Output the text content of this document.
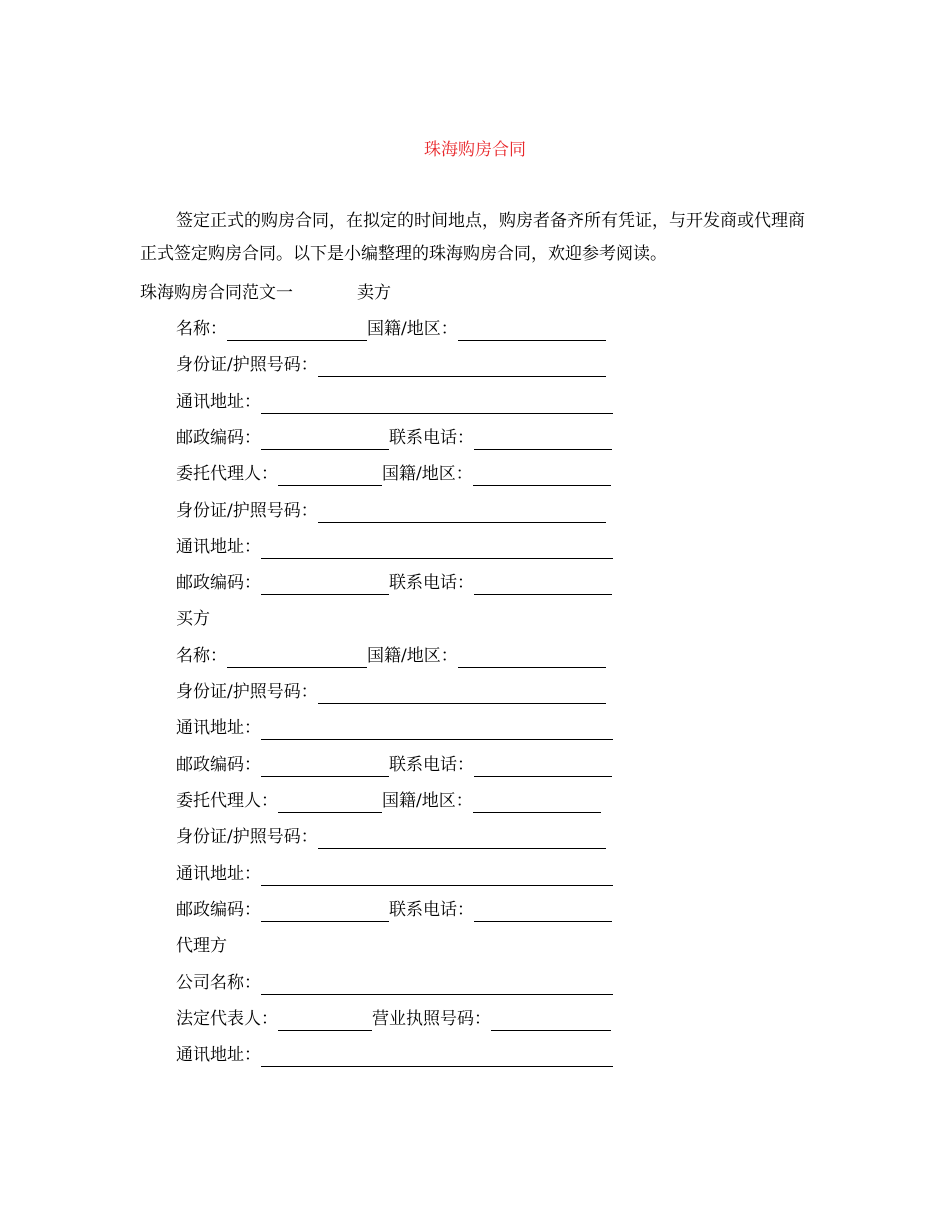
珠海购房合同

签定正式的购房合同，在拟定的时间地点，购房者备齐所有凭证，与开发商或代理商正式签定购房合同。以下是小编整理的珠海购房合同，欢迎参考阅读。

珠海购房合同范文一	卖方
名称：	国籍/地区：
身份证/护照号码：
通讯地址：
邮政编码：	联系电话：
委托代理人：	国籍/地区：
身份证/护照号码：
通讯地址：
邮政编码：	联系电话：
买方
名称：	国籍/地区：
身份证/护照号码：
通讯地址：
邮政编码：	联系电话：
委托代理人：	国籍/地区：
身份证/护照号码：
通讯地址：
邮政编码：	联系电话：
代理方
公司名称：
法定代表人：	营业执照号码：
通讯地址：
